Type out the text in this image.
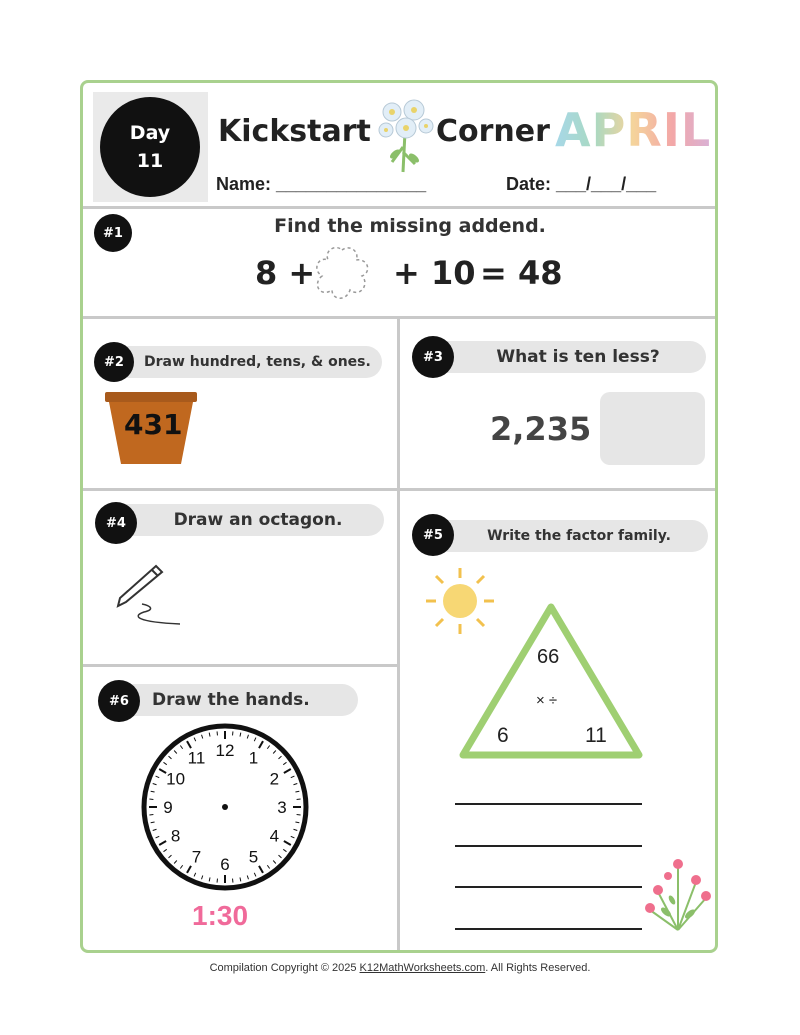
Day
11
Kickstart Corner APRIL
Name: _______________	Date: ___/___/___
#1	Find the missing addend.
8 + + 10 = 48
Draw hundred, tens, & ones.
#2
431
What is ten less?
#3
2,235
Draw an octagon.
#4
Write the factor family.
#5
66
× ÷
6	11
Draw the hands.
#6
12 1
2
3
4
5
6
7
8
9
10
11
1:30
Compilation Copyright © 2025 K12MathWorksheets.com. All Rights Reserved.
